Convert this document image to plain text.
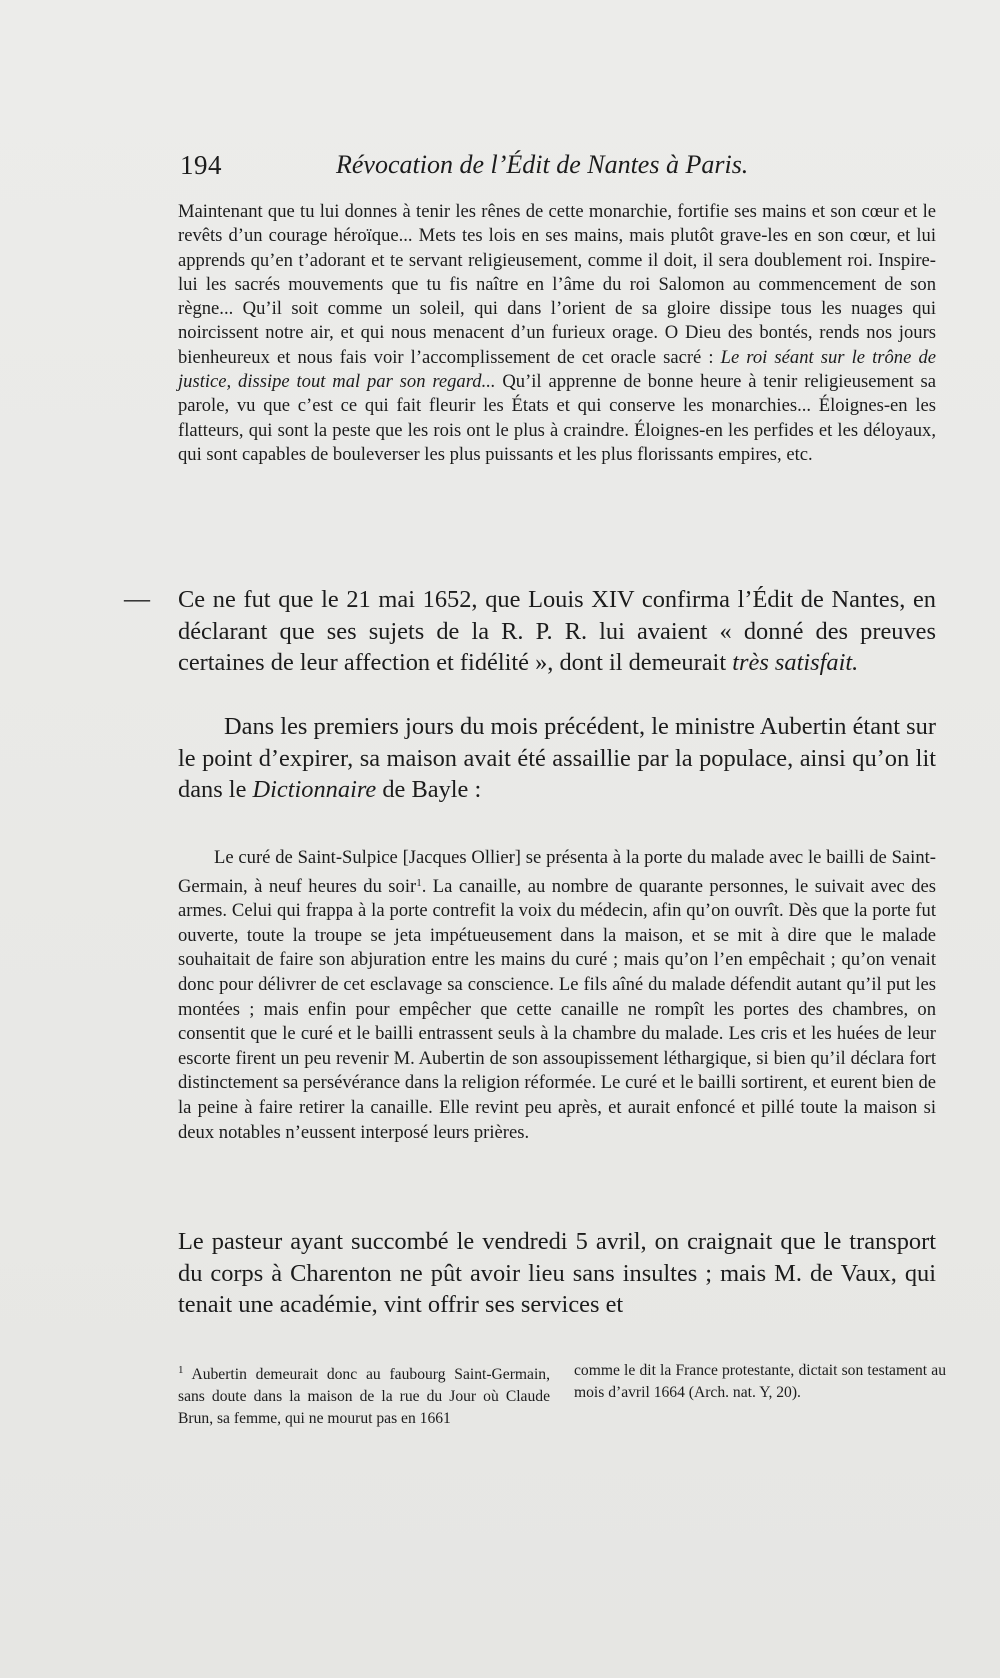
194	Révocation de l’Édit de Nantes à Paris.

Maintenant que tu lui donnes à tenir les rênes de cette monarchie, fortifie ses mains et son cœur et le revêts d’un courage héroïque... Mets tes lois en ses mains, mais plutôt grave-les en son cœur, et lui apprends qu’en t’adorant et te servant religieusement, comme il doit, il sera doublement roi. Inspire-lui les sacrés mouvements que tu fis naître en l’âme du roi Salomon au commencement de son règne... Qu’il soit comme un soleil, qui dans l’orient de sa gloire dissipe tous les nuages qui noircissent notre air, et qui nous menacent d’un furieux orage. O Dieu des bontés, rends nos jours bienheureux et nous fais voir l’accomplissement de cet oracle sacré : Le roi séant sur le trône de justice, dissipe tout mal par son regard... Qu’il apprenne de bonne heure à tenir religieusement sa parole, vu que c’est ce qui fait fleurir les États et qui conserve les monarchies... Éloignes-en les flatteurs, qui sont la peste que les rois ont le plus à craindre. Éloignes-en les perfides et les déloyaux, qui sont capables de bouleverser les plus puissants et les plus florissants empires, etc.

— Ce ne fut que le 21 mai 1652, que Louis XIV confirma l’Édit de Nantes, en déclarant que ses sujets de la R. P. R. lui avaient « donné des preuves certaines de leur affection et fidélité », dont il demeurait très satisfait.

Dans les premiers jours du mois précédent, le ministre Aubertin étant sur le point d’expirer, sa maison avait été assaillie par la populace, ainsi qu’on lit dans le Dictionnaire de Bayle :

Le curé de Saint-Sulpice [Jacques Ollier] se présenta à la porte du malade avec le bailli de Saint-Germain, à neuf heures du soir$^1$. La canaille, au nombre de quarante personnes, le suivait avec des armes. Celui qui frappa à la porte contrefit la voix du médecin, afin qu’on ouvrît. Dès que la porte fut ouverte, toute la troupe se jeta impétueusement dans la maison, et se mit à dire que le malade souhaitait de faire son abjuration entre les mains du curé ; mais qu’on l’en empêchait ; qu’on venait donc pour délivrer de cet esclavage sa conscience. Le fils aîné du malade défendit autant qu’il put les montées ; mais enfin pour empêcher que cette canaille ne rompît les portes des chambres, on consentit que le curé et le bailli entrassent seuls à la chambre du malade. Les cris et les huées de leur escorte firent un peu revenir M. Aubertin de son assoupissement léthargique, si bien qu’il déclara fort distinctement sa persévérance dans la religion réformée. Le curé et le bailli sortirent, et eurent bien de la peine à faire retirer la canaille. Elle revint peu après, et aurait enfoncé et pillé toute la maison si deux notables n’eussent interposé leurs prières.

Le pasteur ayant succombé le vendredi 5 avril, on craignait que le transport du corps à Charenton ne pût avoir lieu sans insultes ; mais M. de Vaux, qui tenait une académie, vint offrir ses services et

$^1$ Aubertin demeurait donc au faubourg Saint-Germain, sans doute dans la maison de la rue du Jour où Claude Brun, sa femme, qui ne mourut pas en 1661
comme le dit la France protestante, dictait son testament au mois d’avril 1664 (Arch. nat. Y, 20).
